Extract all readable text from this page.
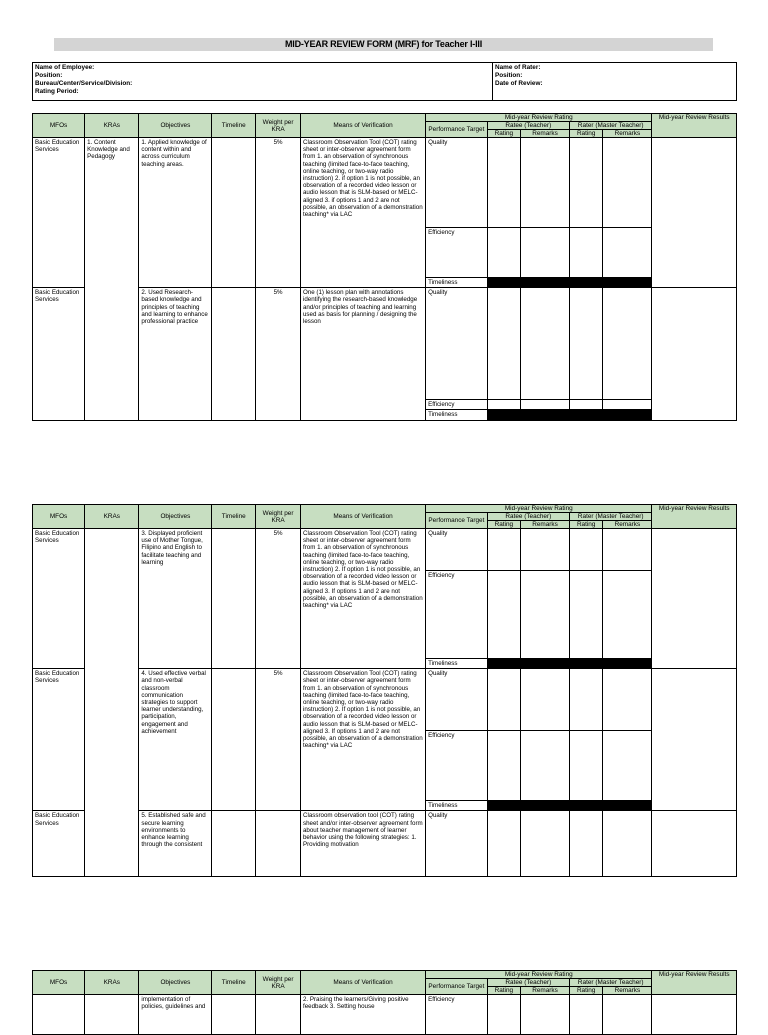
MID-YEAR REVIEW FORM (MRF) for Teacher I-III
Name of Employee:
Position:
Bureau/Center/Service/Division:
Rating Period:
Name of Rater:
Position:
Date of Review:
MFOs	KRAs	Objectives	Timeline	Weight per KRA	Means of Verification	Mid-year Review Rating					Mid-year Review Results
						Performance Target	Ratee (Teacher)		Rater (Master Teacher)		
							Rating	Remarks	Rating	Remarks	
Basic Education Services	1. Content Knowledge and Pedagogy	1. Applied knowledge of content within and across curriculum teaching areas.		5%	Classroom Observation Tool (COT) rating sheet or inter-observer agreement form from 1. an observation of synchronous teaching (limited face-to-face teaching, online teaching, or two-way radio instruction) 2. if option 1 is not possible, an observation of a recorded video lesson or audio lesson that is SLM-based or MELC-aligned 3. if options 1 and 2 are not possible, an observation of a demonstration teaching* via LAC	Quality					
						Efficiency					
						Timeliness					
Basic Education Services		2. Used Research-based knowledge and principles of teaching and learning to enhance professional practice		5%	One (1) lesson plan with annotations identifying the research-based knowledge and/or principles of teaching and learning used as basis for planning / designing the lesson	Quality					
						Efficiency					
						Timeliness					
MFOs	KRAs	Objectives	Timeline	Weight per KRA	Means of Verification	Mid-year Review Rating					Mid-year Review Results
						Performance Target	Ratee (Teacher)		Rater (Master Teacher)		
							Rating	Remarks	Rating	Remarks	
Basic Education Services		3. Displayed proficient use of Mother Tongue, Filipino and English to facilitate teaching and learning		5%	Classroom Observation Tool (COT) rating sheet or inter-observer agreement form from 1. an observation of synchronous teaching (limited face-to-face teaching, online teaching, or two-way radio instruction) 2. If option 1 is not possible, an observation of a recorded video lesson or audio lesson that is SLM-based or MELC-aligned 3. If options 1 and 2 are not possible, an observation of a demonstration teaching* via LAC	Quality					
						Efficiency					
						Timeliness					
Basic Education Services		4. Used effective verbal and non-verbal classroom communication strategies to support learner understanding, participation, engagement and achievement		5%	Classroom Observation Tool (COT) rating sheet or inter-observer agreement form from 1. an observation of synchronous teaching (limited face-to-face teaching, online teaching, or two-way radio instruction) 2. If option 1 is not possible, an observation of a recorded video lesson or audio lesson that is SLM-based or MELC-aligned 3. If options 1 and 2 are not possible, an observation of a demonstration teaching* via LAC	Quality					
						Efficiency					
						Timeliness					
Basic Education Services		5. Established safe and secure learning environments to enhance learning through the consistent			Classroom observation tool (COT) rating sheet and/or inter-observer agreement form about teacher management of learner behavior using the following strategies: 1. Providing motivation	Quality					
MFOs	KRAs	Objectives	Timeline	Weight per KRA	Means of Verification	Mid-year Review Rating					Mid-year Review Results
						Performance Target	Ratee (Teacher)		Rater (Master Teacher)		
							Rating	Remarks	Rating	Remarks	
		implementation of policies, guidelines and			2. Praising the learners/Giving positive feedback 3. Setting house	Efficiency					
